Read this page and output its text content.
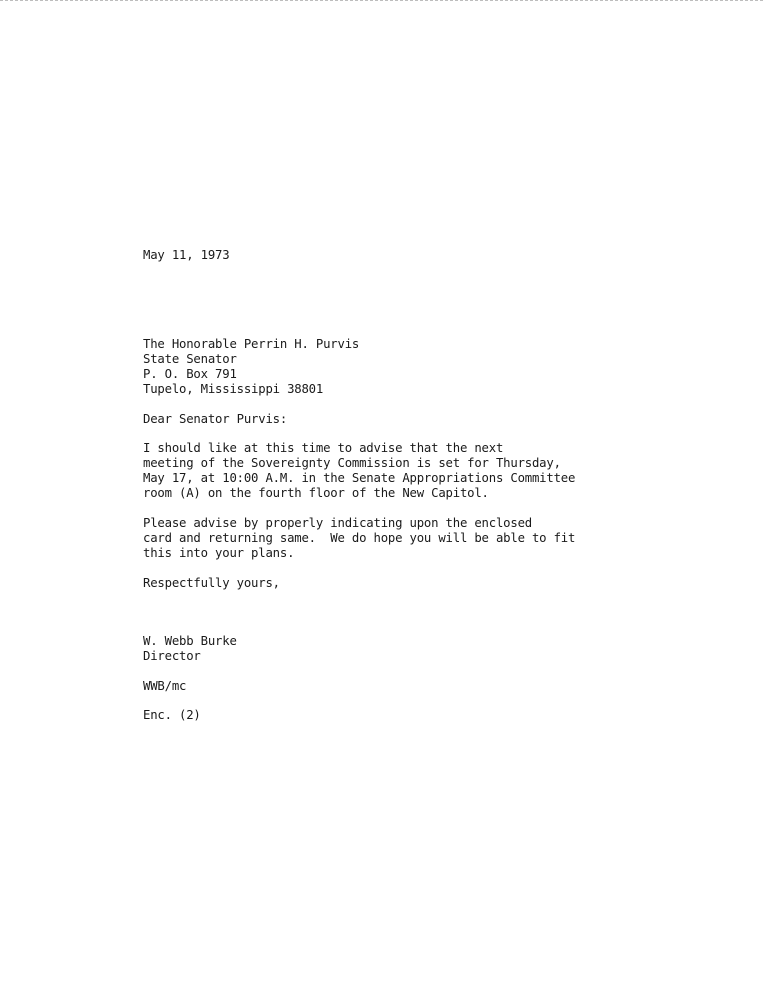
May 11, 1973
The Honorable Perrin H. Purvis
State Senator
P. O. Box 791
Tupelo, Mississippi 38801
Dear Senator Purvis:
I should like at this time to advise that the next
meeting of the Sovereignty Commission is set for Thursday,
May 17, at 10:00 A.M. in the Senate Appropriations Committee
room (A) on the fourth floor of the New Capitol.
Please advise by properly indicating upon the enclosed
card and returning same.  We do hope you will be able to fit
this into your plans.
Respectfully yours,
W. Webb Burke
Director
WWB/mc
Enc. (2)
